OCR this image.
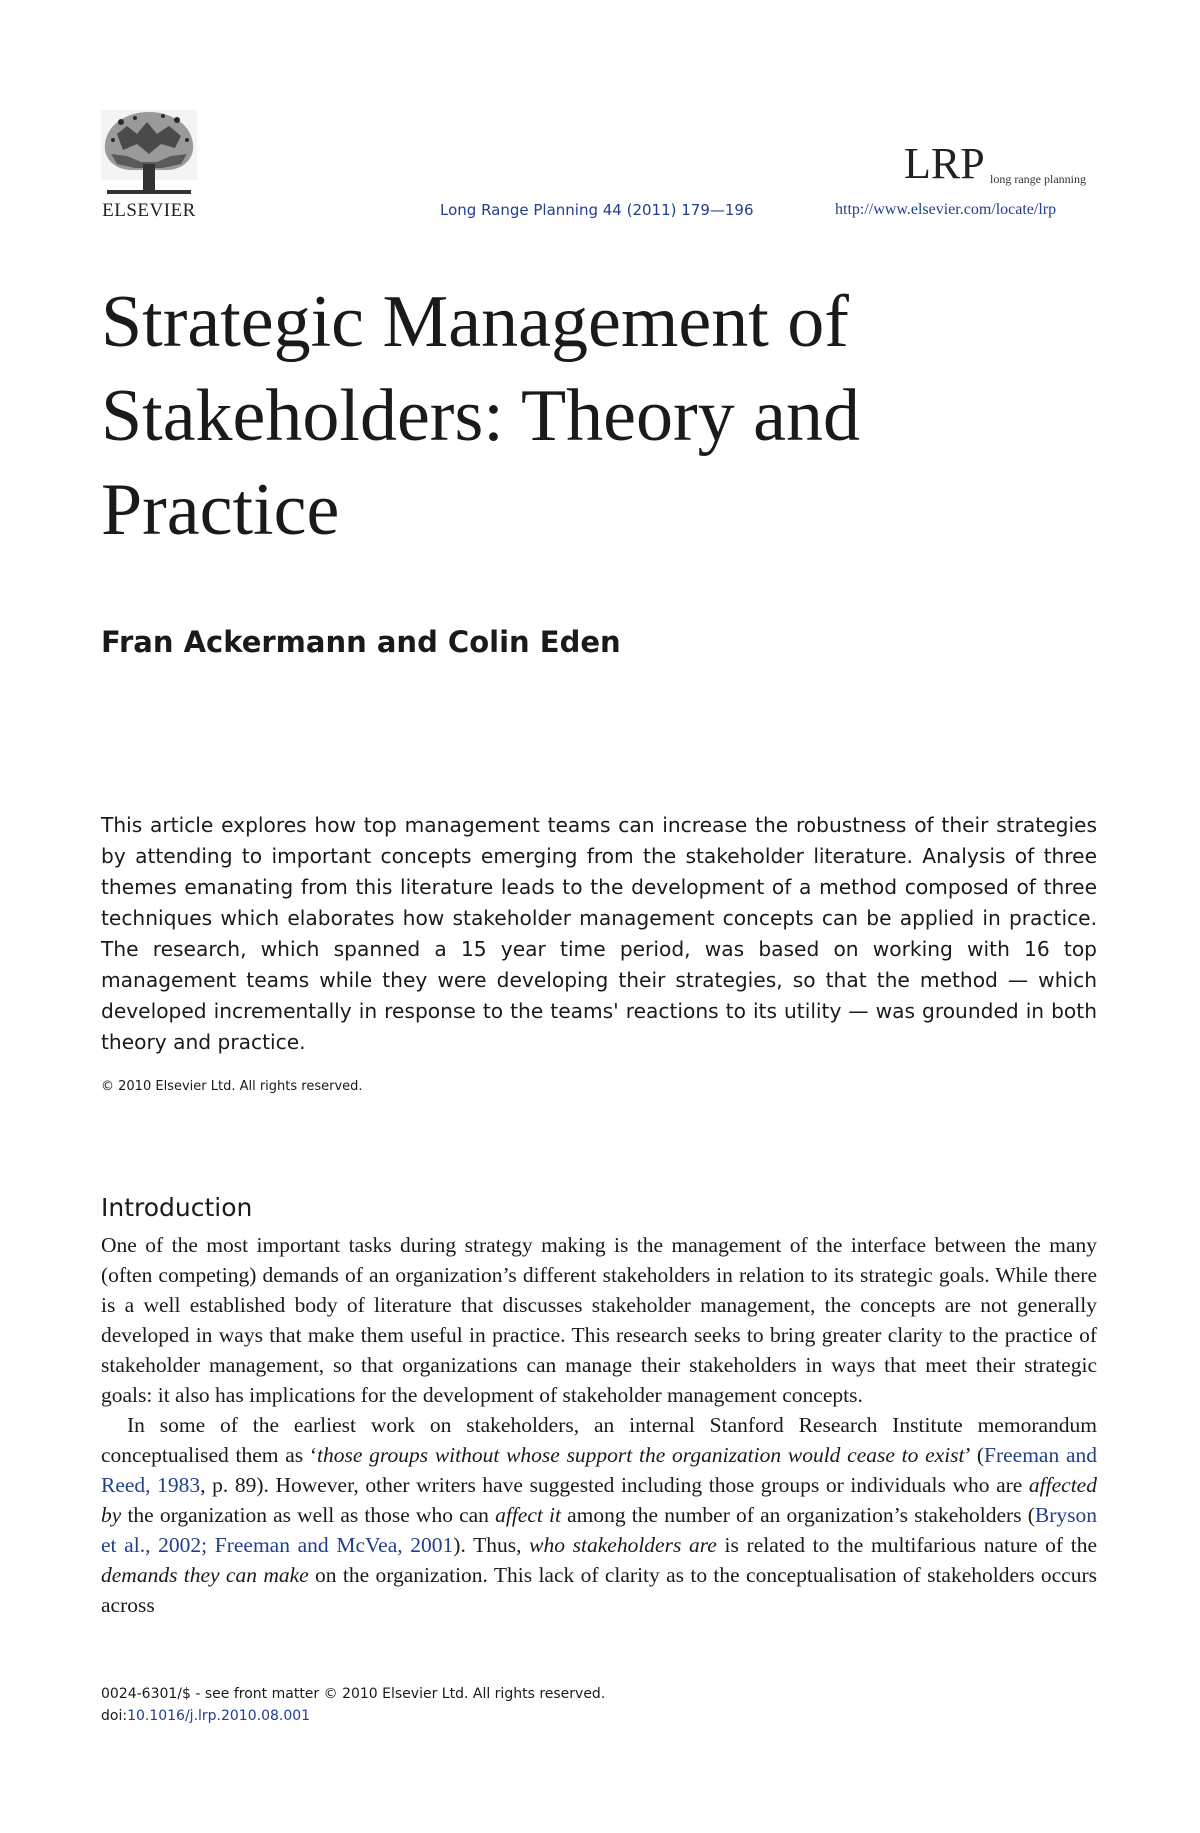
ELSEVIER	Long Range Planning 44 (2011) 179—196
LRP long range planning
http://www.elsevier.com/locate/lrp
Strategic Management of
Stakeholders: Theory and
Practice
Fran Ackermann and Colin Eden

This article explores how top management teams can increase the robustness of their strategies by attending to important concepts emerging from the stakeholder literature. Analysis of three themes emanating from this literature leads to the development of a method composed of three techniques which elaborates how stakeholder management concepts can be applied in practice. The research, which spanned a 15 year time period, was based on working with 16 top management teams while they were developing their strategies, so that the method — which developed incrementally in response to the teams' reactions to its utility — was grounded in both theory and practice.

© 2010 Elsevier Ltd. All rights reserved.
Introduction

One of the most important tasks during strategy making is the management of the interface between the many (often competing) demands of an organization’s different stakeholders in relation to its strategic goals. While there is a well established body of literature that discusses stakeholder management, the concepts are not generally developed in ways that make them useful in practice. This research seeks to bring greater clarity to the practice of stakeholder management, so that organizations can manage their stakeholders in ways that meet their strategic goals: it also has implications for the development of stakeholder management concepts.

In some of the earliest work on stakeholders, an internal Stanford Research Institute memorandum conceptualised them as ‘those groups without whose support the organization would cease to exist’ (Freeman and Reed, 1983, p. 89). However, other writers have suggested including those groups or individuals who are affected by the organization as well as those who can affect it among the number of an organization’s stakeholders (Bryson et al., 2002; Freeman and McVea, 2001). Thus, who stakeholders are is related to the multifarious nature of the demands they can make on the organization. This lack of clarity as to the conceptualisation of stakeholders occurs across

0024-6301/$ - see front matter © 2010 Elsevier Ltd. All rights reserved.
doi:10.1016/j.lrp.2010.08.001
